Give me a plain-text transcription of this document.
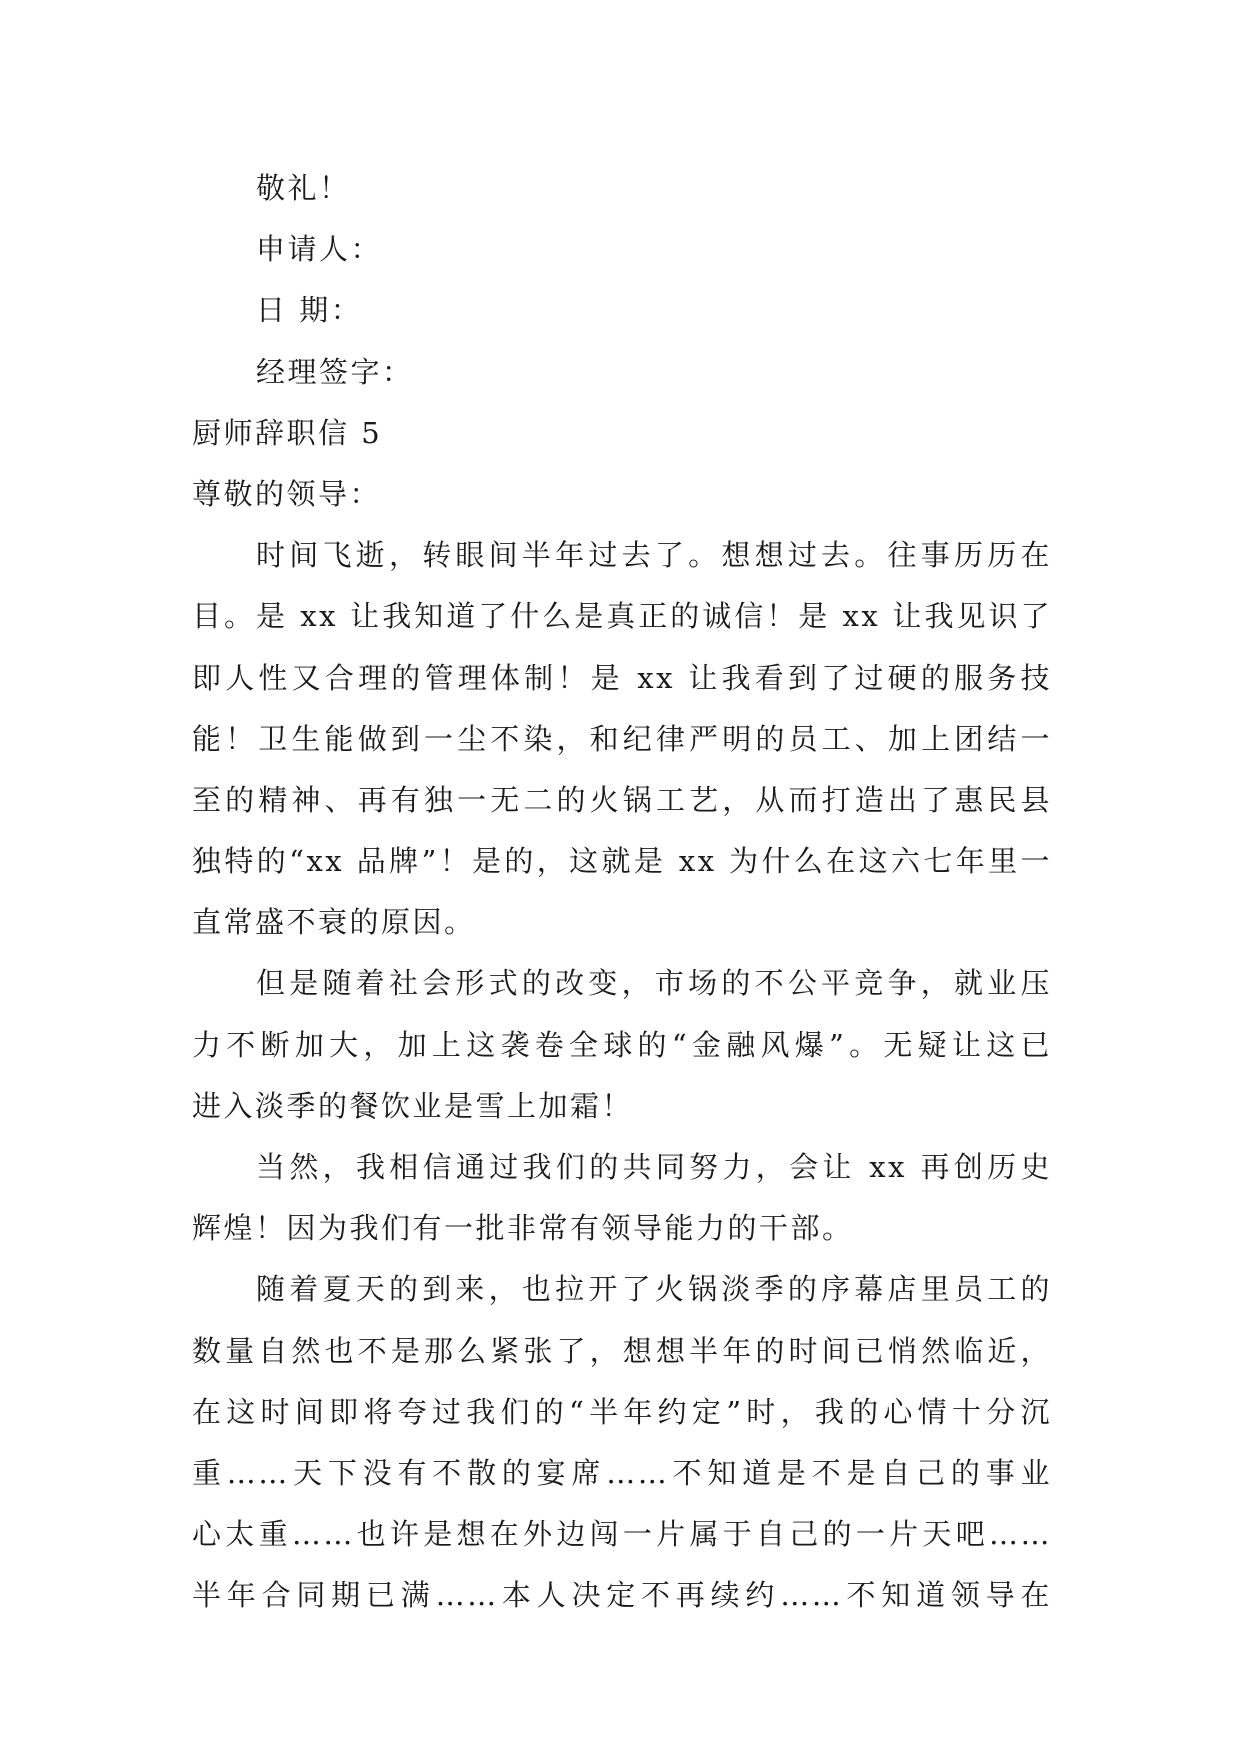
敬礼！
申请人：
日 期：
经理签字：
厨师辞职信 5
尊敬的领导：
时间飞逝，转眼间半年过去了。想想过去。往事历历在
目。是 xx 让我知道了什么是真正的诚信！是 xx 让我见识了
即人性又合理的管理体制！是 xx 让我看到了过硬的服务技
能！卫生能做到一尘不染，和纪律严明的员工、加上团结一
至的精神、再有独一无二的火锅工艺，从而打造出了惠民县
独特的“xx 品牌”！是的，这就是 xx 为什么在这六七年里一
直常盛不衰的原因。
但是随着社会形式的改变，市场的不公平竞争，就业压
力不断加大，加上这袭卷全球的“金融风爆”。无疑让这已
进入淡季的餐饮业是雪上加霜！
当然，我相信通过我们的共同努力，会让 xx 再创历史
辉煌！因为我们有一批非常有领导能力的干部。
随着夏天的到来，也拉开了火锅淡季的序幕店里员工的
数量自然也不是那么紧张了，想想半年的时间已悄然临近，
在这时间即将夸过我们的“半年约定”时，我的心情十分沉
重……天下没有不散的宴席……不知道是不是自己的事业
心太重……也许是想在外边闯一片属于自己的一片天吧……
半年合同期已满……本人决定不再续约……不知道领导在
